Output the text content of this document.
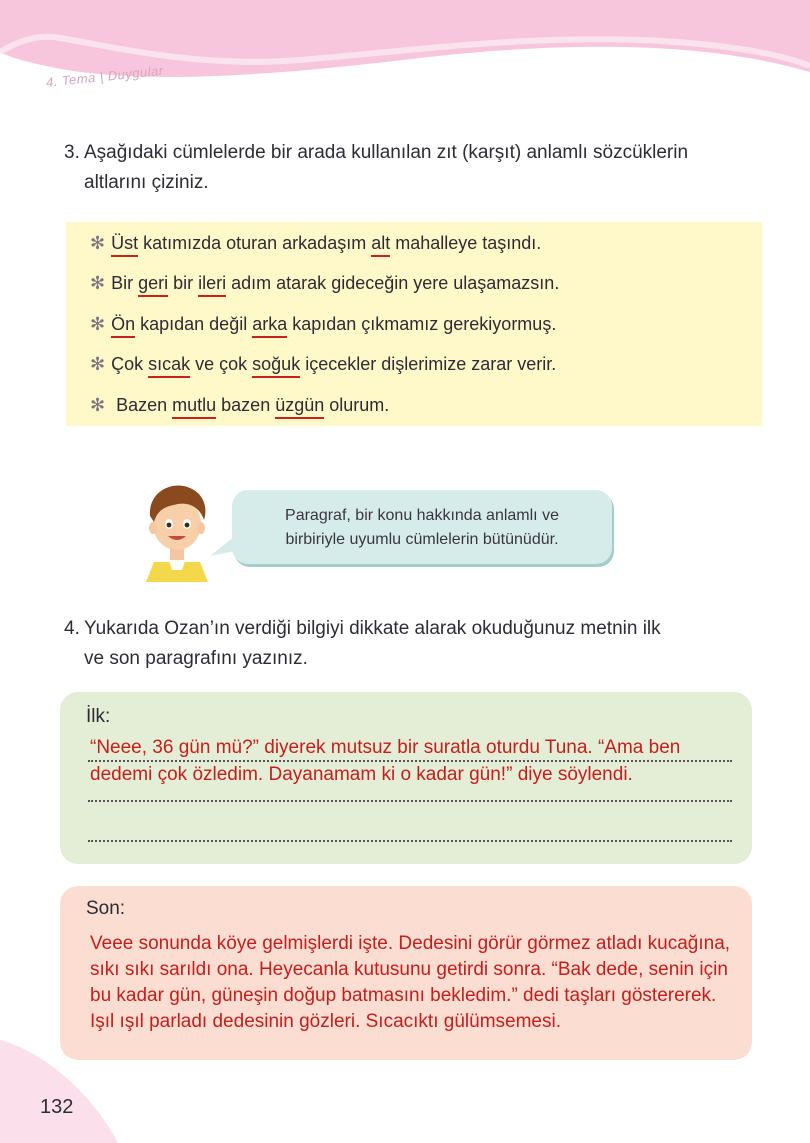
4. Tema | Duygular
3. Aşağıdaki cümlelerde bir arada kullanılan zıt (karşıt) anlamlı sözcüklerin
altlarını çiziniz.
✻ Üst katımızda oturan arkadaşım alt mahalleye taşındı.
✻ Bir geri bir ileri adım atarak gideceğin yere ulaşamazsın.
✻ Ön kapıdan değil arka kapıdan çıkmamız gerekiyormuş.
✻ Çok sıcak ve çok soğuk içecekler dişlerimize zarar verir.
✻ Bazen mutlu bazen üzgün olurum.

Paragraf, bir konu hakkında anlamlı ve
birbiriyle uyumlu cümlelerin bütünüdür.

4. Yukarıda Ozan’ın verdiği bilgiyi dikkate alarak okuduğunuz metnin ilk
ve son paragrafını yazınız.
İlk:
“Neee, 36 gün mü?” diyerek mutsuz bir suratla oturdu Tuna. “Ama ben
dedemi çok özledim. Dayanamam ki o kadar gün!” diye söylendi.
Son:
Veee sonunda köye gelmişlerdi işte. Dedesini görür görmez atladı kucağına,
sıkı sıkı sarıldı ona. Heyecanla kutusunu getirdi sonra. “Bak dede, senin için
bu kadar gün, güneşin doğup batmasını bekledim.” dedi taşları göstererek.
Işıl ışıl parladı dedesinin gözleri. Sıcacıktı gülümsemesi.
132
